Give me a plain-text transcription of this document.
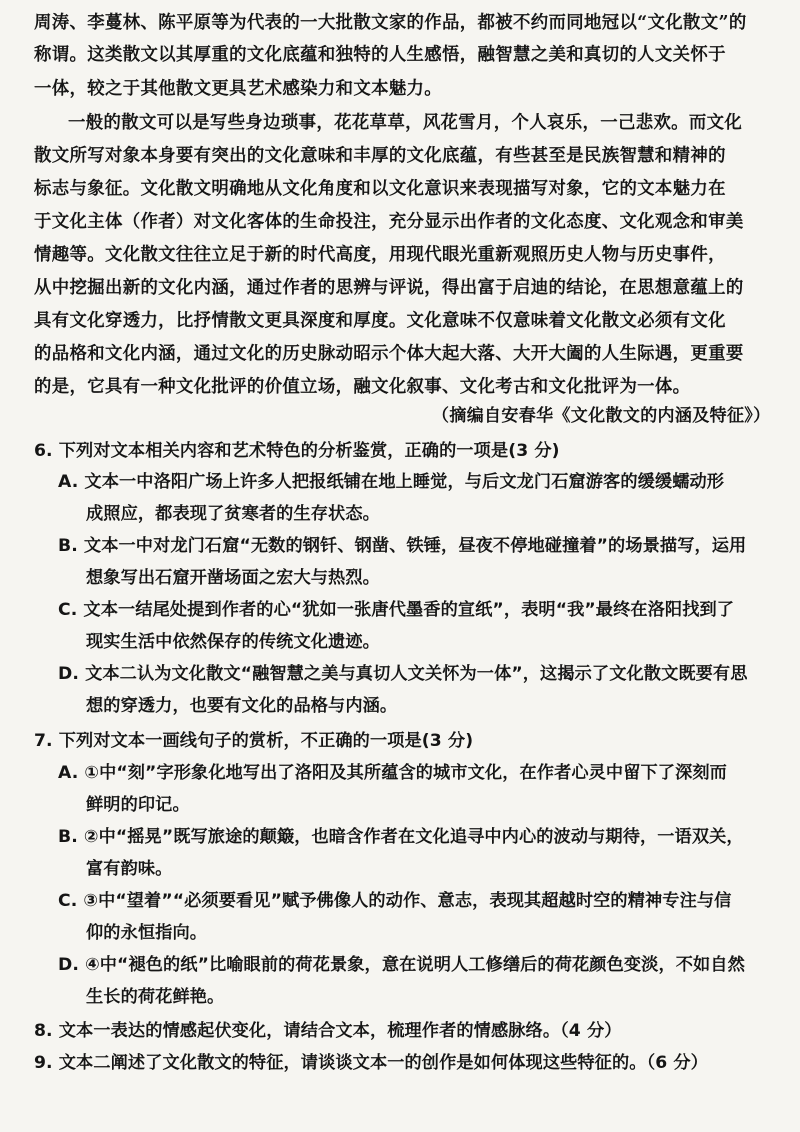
周涛、李蔓林、陈平原等为代表的一大批散文家的作品，都被不约而同地冠以“文化散文”的
称谓。这类散文以其厚重的文化底蕴和独特的人生感悟，融智慧之美和真切的人文关怀于
一体，较之于其他散文更具艺术感染力和文本魅力。
一般的散文可以是写些身边琐事，花花草草，风花雪月，个人哀乐，一己悲欢。而文化
散文所写对象本身要有突出的文化意味和丰厚的文化底蕴，有些甚至是民族智慧和精神的
标志与象征。文化散文明确地从文化角度和以文化意识来表现描写对象，它的文本魅力在
于文化主体（作者）对文化客体的生命投注，充分显示出作者的文化态度、文化观念和审美
情趣等。文化散文往往立足于新的时代高度，用现代眼光重新观照历史人物与历史事件，
从中挖掘出新的文化内涵，通过作者的思辨与评说，得出富于启迪的结论，在思想意蕴上的
具有文化穿透力，比抒情散文更具深度和厚度。文化意味不仅意味着文化散文必须有文化
的品格和文化内涵，通过文化的历史脉动昭示个体大起大落、大开大阖的人生际遇，更重要
的是，它具有一种文化批评的价值立场，融文化叙事、文化考古和文化批评为一体。
（摘编自安春华《文化散文的内涵及特征》）
6. 下列对文本相关内容和艺术特色的分析鉴赏，正确的一项是(3 分)
A. 文本一中洛阳广场上许多人把报纸铺在地上睡觉，与后文龙门石窟游客的缓缓蠕动形
成照应，都表现了贫寒者的生存状态。
B. 文本一中对龙门石窟“无数的钢钎、钢凿、铁锤，昼夜不停地碰撞着”的场景描写，运用
想象写出石窟开凿场面之宏大与热烈。
C. 文本一结尾处提到作者的心“犹如一张唐代墨香的宣纸”，表明“我”最终在洛阳找到了
现实生活中依然保存的传统文化遗迹。
D. 文本二认为文化散文“融智慧之美与真切人文关怀为一体”，这揭示了文化散文既要有思
想的穿透力，也要有文化的品格与内涵。
7. 下列对文本一画线句子的赏析，不正确的一项是(3 分)
A. ①中“刻”字形象化地写出了洛阳及其所蕴含的城市文化，在作者心灵中留下了深刻而
鲜明的印记。
B. ②中“摇晃”既写旅途的颠簸，也暗含作者在文化追寻中内心的波动与期待，一语双关，
富有韵味。
C. ③中“望着”“必须要看见”赋予佛像人的动作、意志，表现其超越时空的精神专注与信
仰的永恒指向。
D. ④中“褪色的纸”比喻眼前的荷花景象，意在说明人工修缮后的荷花颜色变淡，不如自然
生长的荷花鲜艳。
8. 文本一表达的情感起伏变化，请结合文本，梳理作者的情感脉络。（4 分）
9. 文本二阐述了文化散文的特征，请谈谈文本一的创作是如何体现这些特征的。（6 分）
